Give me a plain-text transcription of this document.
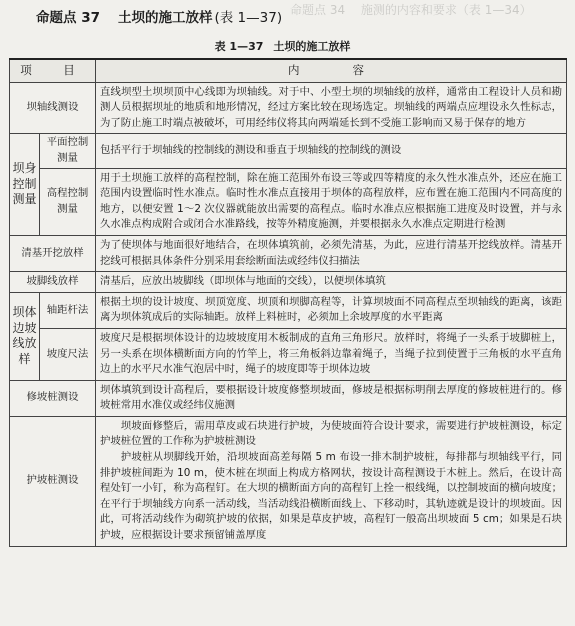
命题点 34　 施测的内容和要求（表 1—34）
命题点 37 土坝的施工放样 (表 1—37)
表 1—37 土坝的施工放样
项　目		内　　容
坝轴线测设		直线坝型土坝坝顶中心线即为坝轴线。对于中、小型土坝的坝轴线的放样，通常由工程设计人员和勘测人员根据坝址的地质和地形情况，经过方案比较在现场选定。坝轴线的两端点应埋设永久性标志，为了防止施工时端点被破坏，可用经纬仪将其向两端延长到不受施工影响而又易于保存的地方
坝身控制测量	平面控制测量	包括平行于坝轴线的控制线的测设和垂直于坝轴线的控制线的测设
	高程控制测量	用于土坝施工放样的高程控制，除在施工范围外布设三等或四等精度的永久性水准点外，还应在施工范围内设置临时性水准点。临时性水准点直接用于坝体的高程放样，应布置在施工范围内不同高度的地方，以便安置 1～2 次仪器就能放出需要的高程点。临时水准点应根据施工进度及时设置，并与永久水准点构成附合或闭合水准路线，按等外精度施测，并要根据永久水准点定期进行检测
清基开挖放样		为了使坝体与地面很好地结合，在坝体填筑前，必须先清基，为此，应进行清基开挖线放样。清基开挖线可根据具体条件分别采用套绘断面法或经纬仪扫描法
坡脚线放样		清基后，应放出坡脚线（即坝体与地面的交线），以便坝体填筑
坝体边坡线放样	轴距杆法	根据土坝的设计坡度、坝顶宽度、坝顶和坝脚高程等，计算坝坡面不同高程点至坝轴线的距离，该距离为坝体筑成后的实际轴距。放样上料桩时，必须加上余坡厚度的水平距离
	坡度尺法	坡度尺是根据坝体设计的边坡坡度用木板制成的直角三角形尺。放样时，将绳子一头系于坡脚桩上，另一头系在坝体横断面方向的竹竿上，将三角板斜边靠着绳子，当绳子拉到使置于三角板的水平直角边上的水平尺水准气泡居中时，绳子的坡度即等于坝体边坡
修坡桩测设		坝体填筑到设计高程后，要根据设计坡度修整坝坡面，修坡是根据标明削去厚度的修坡桩进行的。修坡桩常用水准仪或经纬仪施测
护坡桩测设		坝坡面修整后，需用草皮或石块进行护坡，为使坡面符合设计要求，需要进行护坡桩测设，标定护坡桩位置的工作称为护坡桩测设
护坡桩从坝脚线开始，沿坝坡面高差每隔 5 m 布设一排木制护坡桩，每排都与坝轴线平行，同排护坡桩间距为 10 m，使木桩在坝面上构成方格网状，按设计高程测设于木桩上。然后，在设计高程处钉一小钉，称为高程钉。在大坝的横断面方向的高程钉上拴一根线绳，以控制坡面的横向坡度；在平行于坝轴线方向系一活动线，当活动线沿横断面线上、下移动时，其轨迹就是设计的坝坡面。因此，可将活动线作为砌筑护坡的依据，如果是草皮护坡，高程钉一般高出坝坡面 5 cm；如果是石块护坡，应根据设计要求预留铺盖厚度
